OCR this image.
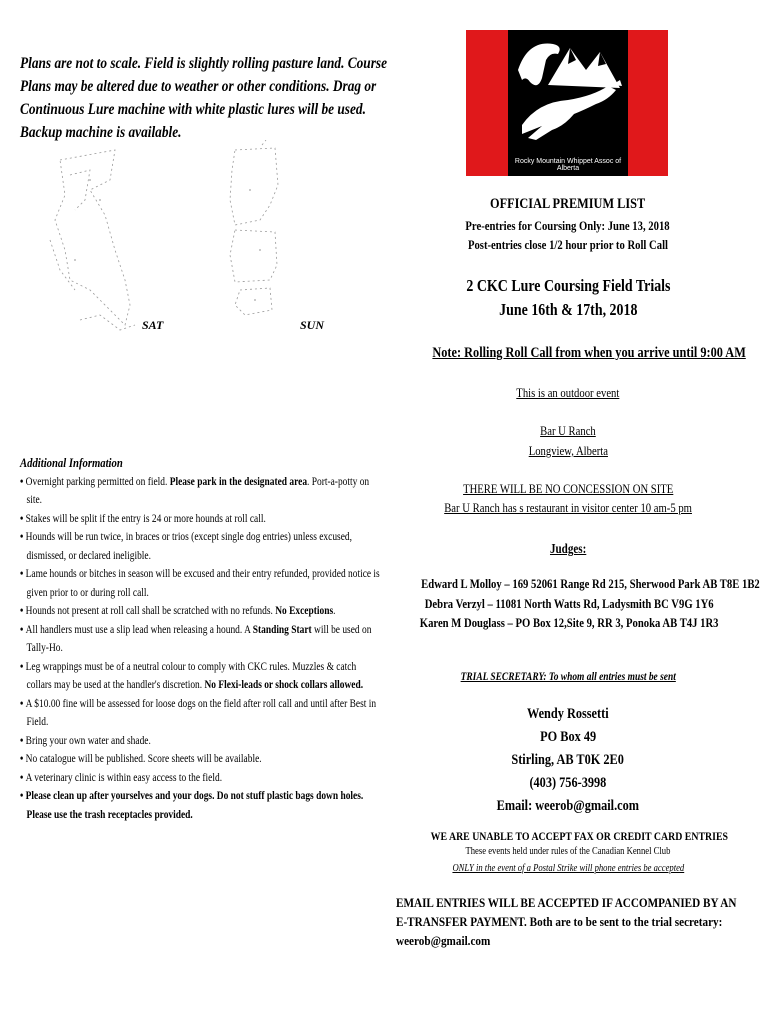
Plans are not to scale. Field is slightly rolling pasture land. Course
Plans may be altered due to weather or other conditions. Drag or
Continuous Lure machine with white plastic lures will be used.
Backup machine is available.
SAT	SUN
Rocky Mountain Whippet Assoc of Alberta
OFFICIAL PREMIUM LIST
Pre-entries for Coursing Only: June 13, 2018
Post-entries close 1/2 hour prior to Roll Call
2 CKC Lure Coursing Field Trials
June 16th & 17th, 2018
Note: Rolling Roll Call from when you arrive until 9:00 AM
This is an outdoor event
Bar U Ranch
Longview, Alberta
THERE WILL BE NO CONCESSION ON SITE
Bar U Ranch has s restaurant in visitor center 10 am-5 pm
Judges:
Edward L Molloy – 169 52061 Range Rd 215, Sherwood Park AB T8E 1B2
Debra Verzyl – 11081 North Watts Rd, Ladysmith BC V9G 1Y6
Karen M Douglass – PO Box 12,Site 9, RR 3, Ponoka AB T4J 1R3
TRIAL SECRETARY: To whom all entries must be sent
Wendy Rossetti
PO Box 49
Stirling, AB T0K 2E0
(403) 756-3998
Email: weerob@gmail.com
WE ARE UNABLE TO ACCEPT FAX OR CREDIT CARD ENTRIES
These events held under rules of the Canadian Kennel Club
ONLY in the event of a Postal Strike will phone entries be accepted
EMAIL ENTRIES WILL BE ACCEPTED IF ACCOMPANIED BY AN
E-TRANSFER PAYMENT. Both are to be sent to the trial secretary:
weerob@gmail.com
Additional Information
• Overnight parking permitted on field. Please park in the designated area. Port-a-potty on site.
• Stakes will be split if the entry is 24 or more hounds at roll call.
• Hounds will be run twice, in braces or trios (except single dog entries) unless excused, dismissed, or declared ineligible.
• Lame hounds or bitches in season will be excused and their entry refunded, provided notice is given prior to or during roll call.
• Hounds not present at roll call shall be scratched with no refunds. No Exceptions.
• All handlers must use a slip lead when releasing a hound. A Standing Start will be used on Tally-Ho.
• Leg wrappings must be of a neutral colour to comply with CKC rules. Muzzles & catch collars may be used at the handler's discretion. No Flexi-leads or shock collars allowed.
• A $10.00 fine will be assessed for loose dogs on the field after roll call and until after Best in Field.
• Bring your own water and shade.
• No catalogue will be published. Score sheets will be available.
• A veterinary clinic is within easy access to the field.
• Please clean up after yourselves and your dogs. Do not stuff plastic bags down holes.
Please use the trash receptacles provided.
